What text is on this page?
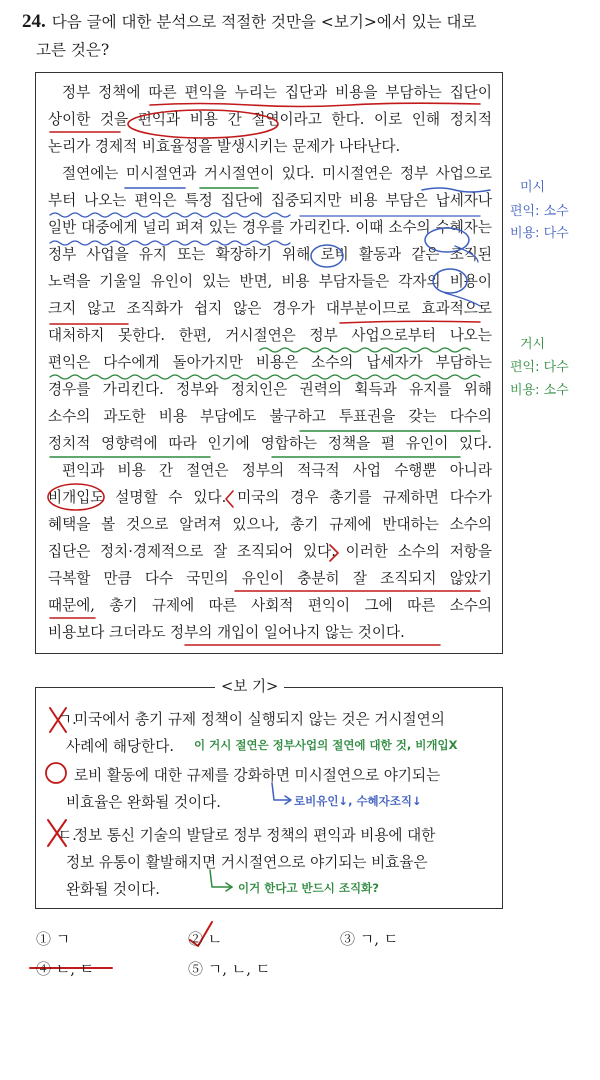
24. 다음 글에 대한 분석으로 적절한 것만을 <보기>에서 있는 대로
고른 것은?
정부 정책에 따른 편익을 누리는 집단과 비용을 부담하는 집단이
상이한 것을 편익과 비용 간 절연이라고 한다. 이로 인해 정치적
논리가 경제적 비효율성을 발생시키는 문제가 나타난다.
절연에는 미시절연과 거시절연이 있다. 미시절연은 정부 사업으로
부터 나오는 편익은 특정 집단에 집중되지만 비용 부담은 납세자나
일반 대중에게 널리 퍼져 있는 경우를 가리킨다. 이때 소수의 수혜자는
정부 사업을 유지 또는 확장하기 위해 로비 활동과 같은 조직된
노력을 기울일 유인이 있는 반면, 비용 부담자들은 각자의 비용이
크지 않고 조직화가 쉽지 않은 경우가 대부분이므로 효과적으로
대처하지 못한다. 한편, 거시절연은 정부 사업으로부터 나오는
편익은 다수에게 돌아가지만 비용은 소수의 납세자가 부담하는
경우를 가리킨다. 정부와 정치인은 권력의 획득과 유지를 위해
소수의 과도한 비용 부담에도 불구하고 투표권을 갖는 다수의
정치적 영향력에 따라 인기에 영합하는 정책을 펼 유인이 있다.
편익과 비용 간 절연은 정부의 적극적 사업 수행뿐 아니라
비개입도 설명할 수 있다. 미국의 경우 총기를 규제하면 다수가
혜택을 볼 것으로 알려져 있으나, 총기 규제에 반대하는 소수의
집단은 정치·경제적으로 잘 조직되어 있다. 이러한 소수의 저항을
극복할 만큼 다수 국민의 유인이 충분히 잘 조직되지 않았기
때문에, 총기 규제에 따른 사회적 편익이 그에 따른 소수의
비용보다 크더라도 정부의 개입이 일어나지 않는 것이다.
미시
편익: 소수
비용: 다수
거시
편익: 다수
비용: 소수
<보 기>
ㄱ.
미국에서 총기 규제 정책이 실행되지 않는 것은 거시절연의
사례에 해당한다. 이 거시 절연은 정부사업의 절연에 대한 것, 비개입X
로비 활동에 대한 규제를 강화하면 미시절연으로 야기되는
비효율은 완화될 것이다.	로비유인↓, 수혜자조직↓
ㄷ.
정보 통신 기술의 발달로 정부 정책의 편익과 비용에 대한
정보 유통이 활발해지면 거시절연으로 야기되는 비효율은
완화될 것이다.	이거 한다고 반드시 조직화?
① ㄱ	② ㄴ	③ ㄱ, ㄷ
④ ㄴ, ㄷ	⑤ ㄱ, ㄴ, ㄷ
